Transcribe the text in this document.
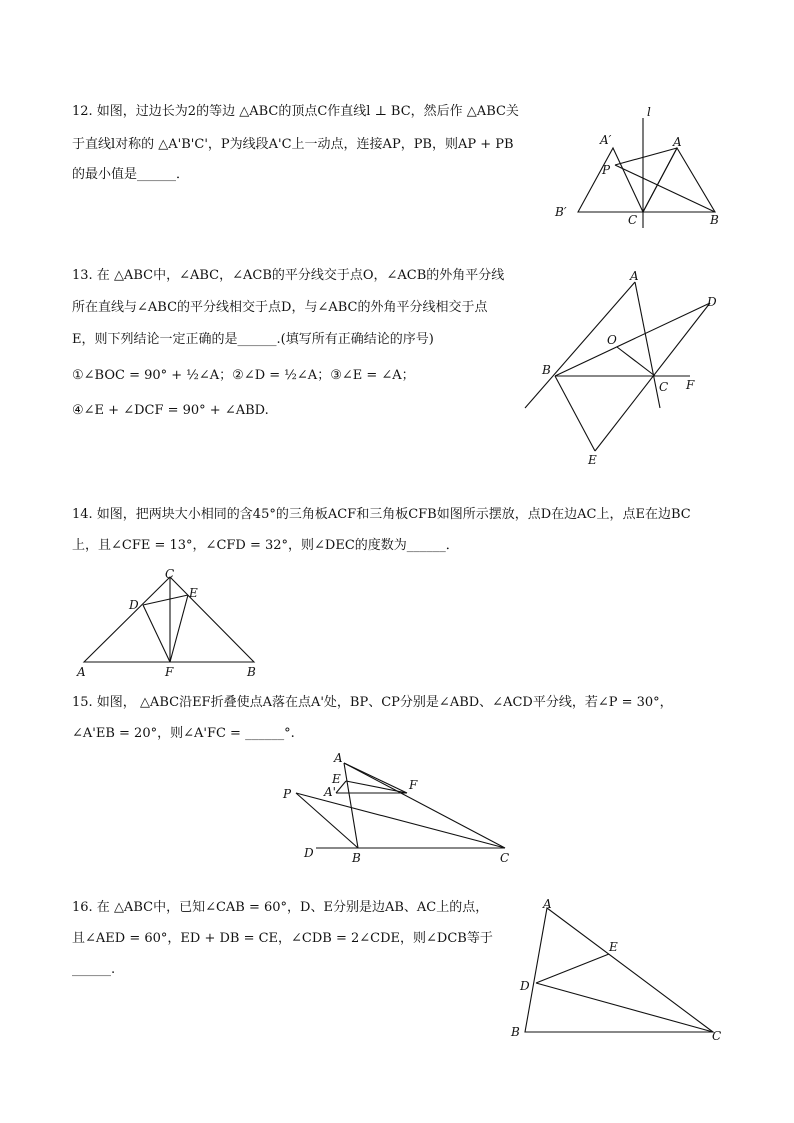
12. 如图，过边长为2的等边 △ABC的顶点C作直线l ⊥ BC，然后作 △ABC关
于直线l对称的 △A'B'C'，P为线段A'C上一动点，连接AP，PB，则AP + PB
的最小值是______．
l
A′	A
P
B′
C	B
13. 在 △ABC中，∠ABC，∠ACB的平分线交于点O，∠ACB的外角平分线
所在直线与∠ABC的平分线相交于点D，与∠ABC的外角平分线相交于点
E，则下列结论一定正确的是______.(填写所有正确结论的序号)
①∠BOC = 90° + ½∠A；②∠D = ½∠A；③∠E = ∠A；
④∠E + ∠DCF = 90° + ∠ABD.
A
D
O
B
C F
E
14. 如图，把两块大小相同的含45°的三角板ACF和三角板CFB如图所示摆放，点D在边AC上，点E在边BC
上，且∠CFE = 13°，∠CFD = 32°，则∠DEC的度数为______．
C
D
E
A	F	B
15. 如图， △ABC沿EF折叠使点A落在点A'处，BP、CP分别是∠ABD、∠ACD平分线，若∠P = 30°，
∠A'EB = 20°，则∠A'FC = ______°.
A
E
A'	F
P
D	B	C
16. 在 △ABC中，已知∠CAB = 60°，D、E分别是边AB、AC上的点，
且∠AED = 60°，ED + DB = CE，∠CDB = 2∠CDE，则∠DCB等于
______.
A
E
D
B	C
